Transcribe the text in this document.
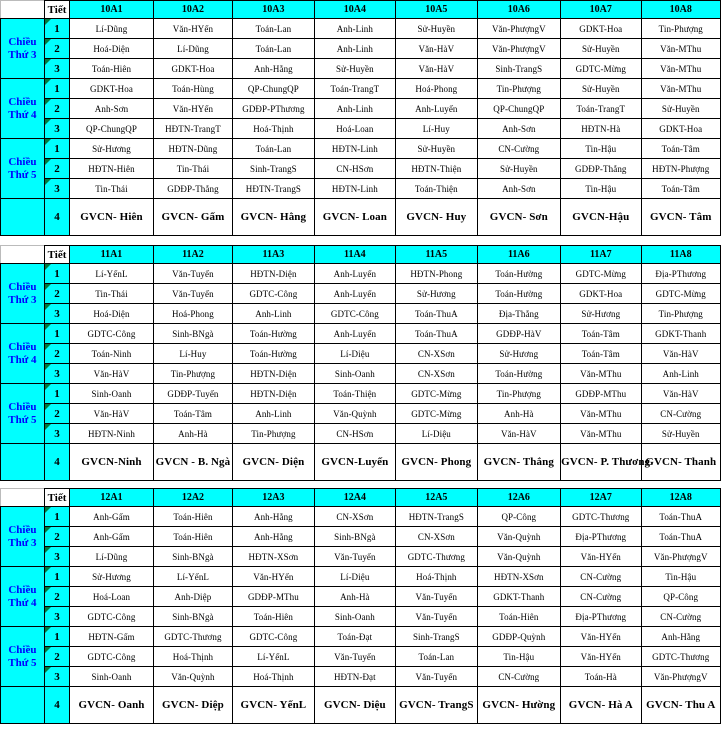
	Tiết	10A1	10A2	10A3	10A4	10A5	10A6	10A7	10A8

Chiều
Thứ 3	1	Lí-Dũng	Văn-HYến	Toán-Lan	Anh-Linh	Sử-Huyền	Văn-PhượngV	GDKT-Hoa	Tin-Phượng
	2	Hoá-Diện	Lí-Dũng	Toán-Lan	Anh-Linh	Văn-HàV	Văn-PhượngV	Sử-Huyền	Văn-MThu
	3	Toán-Hiên	GDKT-Hoa	Anh-Hằng	Sử-Huyền	Văn-HàV	Sinh-TrangS	GDTC-Mừng	Văn-MThu

Chiều
Thứ 4	1	GDKT-Hoa	Toán-Hùng	QP-ChungQP	Toán-TrangT	Hoá-Phong	Tin-Phượng	Sử-Huyền	Văn-MThu
	2	Anh-Sơn	Văn-HYến	GDĐP-PThương	Anh-Linh	Anh-Luyến	QP-ChungQP	Toán-TrangT	Sử-Huyền
	3	QP-ChungQP	HĐTN-TrangT	Hoá-Thịnh	Hoá-Loan	Lí-Huy	Anh-Sơn	HĐTN-Hà	GDKT-Hoa

Chiều
Thứ 5	1	Sử-Hương	HĐTN-Dũng	Toán-Lan	HĐTN-Linh	Sử-Huyền	CN-Cường	Tin-Hậu	Toán-Tâm
	2	HĐTN-Hiên	Tin-Thái	Sinh-TrangS	CN-HSơn	HĐTN-Thiện	Sử-Huyền	GDĐP-Thắng	HĐTN-Phượng
	3	Tin-Thái	GDĐP-Thắng	HĐTN-TrangS	HĐTN-Linh	Toán-Thiện	Anh-Sơn	Tin-Hậu	Toán-Tâm
	4	GVCN- Hiên	GVCN- Gấm	GVCN- Hằng	GVCN- Loan	GVCN- Huy	GVCN- Sơn	GVCN-Hậu	GVCN- Tâm
	Tiết	11A1	11A2	11A3	11A4	11A5	11A6	11A7	11A8

Chiều
Thứ 3	1	Lí-YếnL	Văn-Tuyến	HĐTN-Diện	Anh-Luyến	HĐTN-Phong	Toán-Hường	GDTC-Mừng	Địa-PThương
	2	Tin-Thái	Văn-Tuyến	GDTC-Công	Anh-Luyến	Sử-Hương	Toán-Hường	GDKT-Hoa	GDTC-Mừng
	3	Hoá-Diện	Hoá-Phong	Anh-Linh	GDTC-Công	Toán-ThuA	Địa-Thắng	Sử-Hương	Tin-Phượng

Chiều
Thứ 4	1	GDTC-Công	Sinh-BNgà	Toán-Hường	Anh-Luyến	Toán-ThuA	GDĐP-HàV	Toán-Tâm	GDKT-Thanh
	2	Toán-Ninh	Lí-Huy	Toán-Hường	Lí-Diệu	CN-XSơn	Sử-Hương	Toán-Tâm	Văn-HàV
	3	Văn-HàV	Tin-Phượng	HĐTN-Diện	Sinh-Oanh	CN-XSơn	Toán-Hường	Văn-MThu	Anh-Linh

Chiều
Thứ 5	1	Sinh-Oanh	GDĐP-Tuyến	HĐTN-Diện	Toán-Thiện	GDTC-Mừng	Tin-Phượng	GDĐP-MThu	Văn-HàV
	2	Văn-HàV	Toán-Tâm	Anh-Linh	Văn-Quỳnh	GDTC-Mừng	Anh-Hà	Văn-MThu	CN-Cường
	3	HĐTN-Ninh	Anh-Hà	Tin-Phượng	CN-HSơn	Lí-Diệu	Văn-HàV	Văn-MThu	Sử-Huyền
	4	GVCN-Ninh	GVCN - B. Ngà	GVCN- Diện	GVCN-Luyến	GVCN- Phong	GVCN- Thắng	GVCN- P. Thương	GVCN- Thanh
	Tiết	12A1	12A2	12A3	12A4	12A5	12A6	12A7	12A8

Chiều
Thứ 3	1	Anh-Gấm	Toán-Hiên	Anh-Hằng	CN-XSơn	HĐTN-TrangS	QP-Công	GDTC-Thương	Toán-ThuA
	2	Anh-Gấm	Toán-Hiên	Anh-Hằng	Sinh-BNgà	CN-XSơn	Văn-Quỳnh	Địa-PThương	Toán-ThuA
	3	Lí-Dũng	Sinh-BNgà	HĐTN-XSơn	Văn-Tuyến	GDTC-Thương	Văn-Quỳnh	Văn-HYến	Văn-PhượngV

Chiều
Thứ 4	1	Sử-Hương	Lí-YếnL	Văn-HYến	Lí-Diệu	Hoá-Thịnh	HĐTN-XSơn	CN-Cường	Tin-Hậu
	2	Hoá-Loan	Anh-Diệp	GDĐP-MThu	Anh-Hà	Văn-Tuyến	GDKT-Thanh	CN-Cường	QP-Công
	3	GDTC-Công	Sinh-BNgà	Toán-Hiên	Sinh-Oanh	Văn-Tuyến	Toán-Hiên	Địa-PThương	CN-Cường

Chiều
Thứ 5	1	HĐTN-Gấm	GDTC-Thương	GDTC-Công	Toán-Đạt	Sinh-TrangS	GDĐP-Quỳnh	Văn-HYến	Anh-Hằng
	2	GDTC-Công	Hoá-Thịnh	Lí-YếnL	Văn-Tuyến	Toán-Lan	Tin-Hậu	Văn-HYến	GDTC-Thương
	3	Sinh-Oanh	Văn-Quỳnh	Hoá-Thịnh	HĐTN-Đạt	Văn-Tuyến	CN-Cường	Toán-Hà	Văn-PhượngV
	4	GVCN- Oanh	GVCN- Diệp	GVCN- YếnL	GVCN- Diệu	GVCN- TrangS	GVCN- Hường	GVCN- Hà A	GVCN- Thu A
